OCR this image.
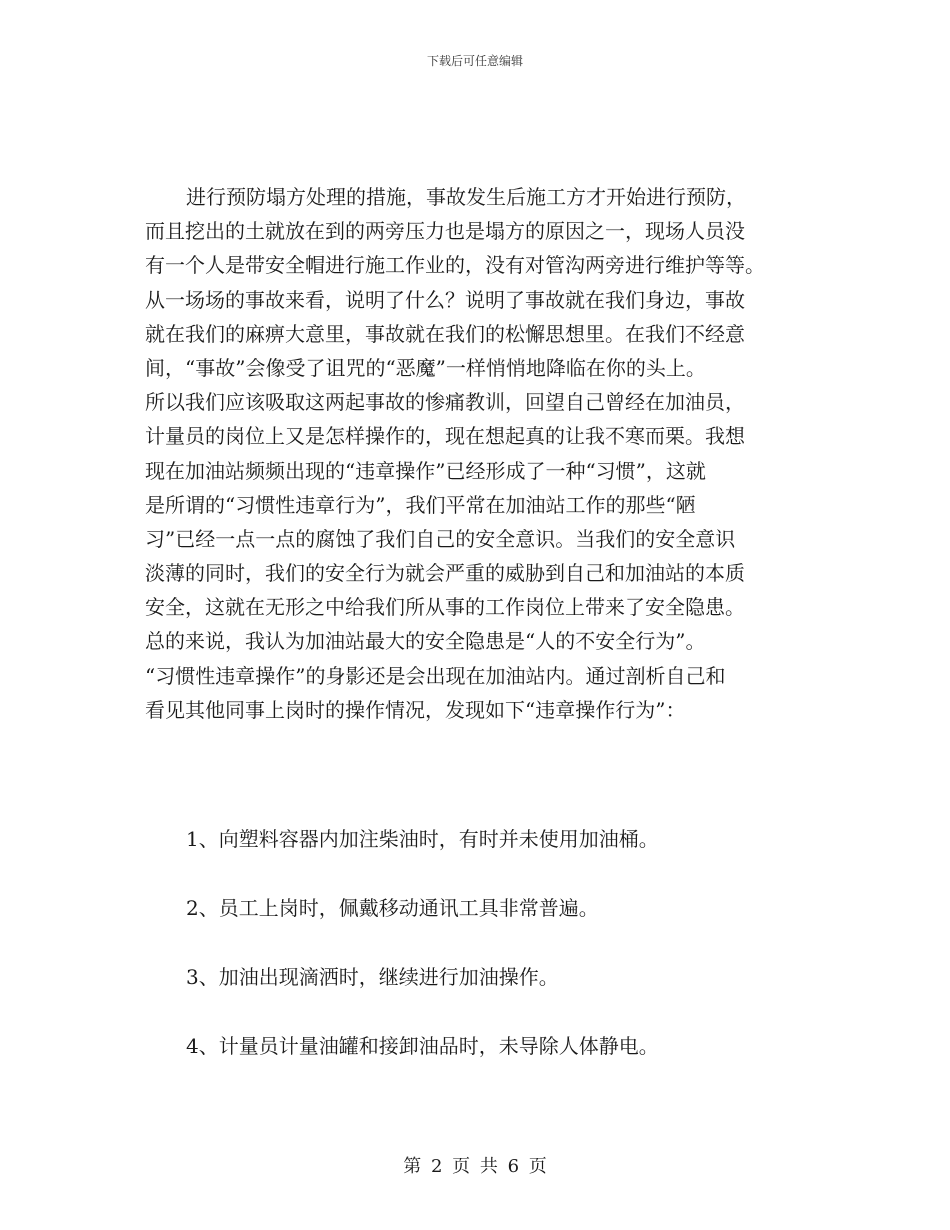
下载后可任意编辑
进行预防塌方处理的措施，事故发生后施工方才开始进行预防，
而且挖出的土就放在到的两旁压力也是塌方的原因之一，现场人员没
有一个人是带安全帽进行施工作业的，没有对管沟两旁进行维护等等。
从一场场的事故来看，说明了什么？说明了事故就在我们身边，事故
就在我们的麻痹大意里，事故就在我们的松懈思想里。在我们不经意
间，“事故”会像受了诅咒的“恶魔”一样悄悄地降临在你的头上。
所以我们应该吸取这两起事故的惨痛教训，回望自己曾经在加油员，
计量员的岗位上又是怎样操作的，现在想起真的让我不寒而栗。我想
现在加油站频频出现的“违章操作”已经形成了一种“习惯”，这就
是所谓的“习惯性违章行为”，我们平常在加油站工作的那些“陋
习”已经一点一点的腐蚀了我们自己的安全意识。当我们的安全意识
淡薄的同时，我们的安全行为就会严重的威胁到自己和加油站的本质
安全，这就在无形之中给我们所从事的工作岗位上带来了安全隐患。
总的来说，我认为加油站最大的安全隐患是“人的不安全行为”。
“习惯性违章操作”的身影还是会出现在加油站内。通过剖析自己和
看见其他同事上岗时的操作情况，发现如下“违章操作行为”：
1、向塑料容器内加注柴油时，有时并未使用加油桶。
2、员工上岗时，佩戴移动通讯工具非常普遍。
3、加油出现滴洒时，继续进行加油操作。
4、计量员计量油罐和接卸油品时，未导除人体静电。
第 2 页 共 6 页
